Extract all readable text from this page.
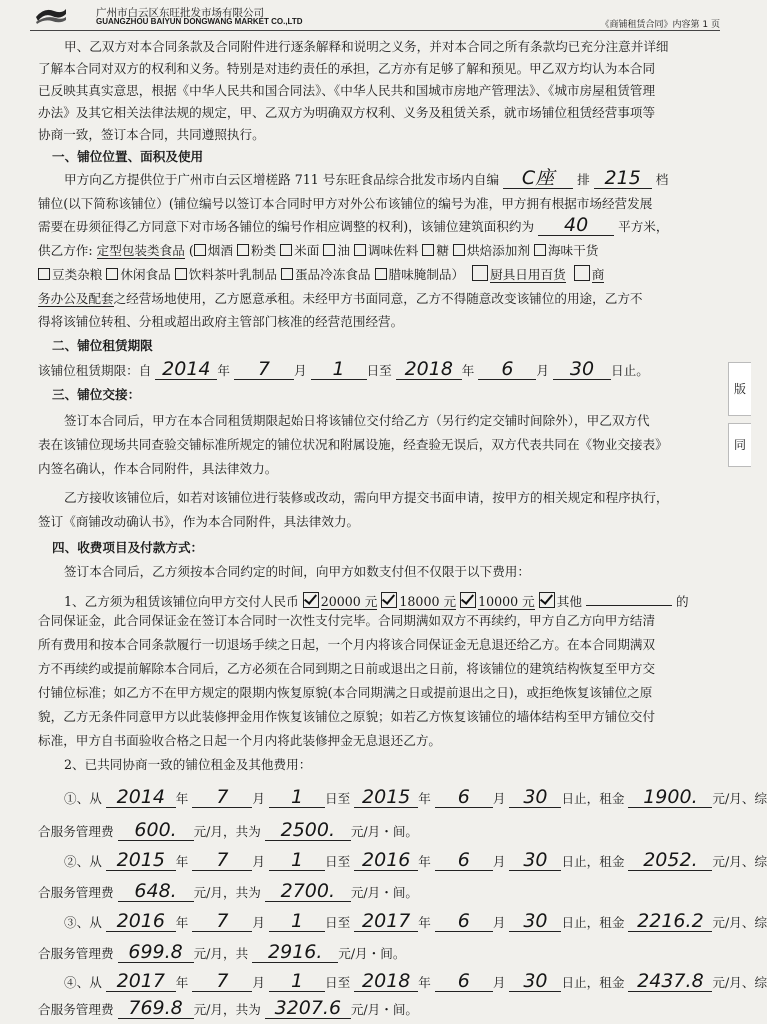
广州市白云区东旺批发市场有限公司
GUANGZHOU BAIYUN DONGWANG MARKET CO.,LTD	《商铺租赁合同》内容第 1 页
甲、乙双方对本合同条款及合同附件进行逐条解释和说明之义务，并对本合同之所有条款均已充分注意并详细
了解本合同对双方的权利和义务。特别是对违约责任的承担，乙方亦有足够了解和预见。甲乙双方均认为本合同
已反映其真实意思，根据《中华人民共和国合同法》、《中华人民共和国城市房地产管理法》、《城市房屋租赁管理
办法》及其它相关法律法规的规定，甲、乙双方为明确双方权利、义务及租赁关系，就市场铺位租赁经营事项等
协商一致，签订本合同，共同遵照执行。
一、铺位位置、面积及使用
甲方向乙方提供位于广州市白云区增槎路 711 号东旺食品综合批发市场内自编 C座 排 215 档
铺位(以下简称该铺位）(铺位编号以签订本合同时甲方对外公布该铺位的编号为准，甲方拥有根据市场经营发展
需要在毋须征得乙方同意下对市场各铺位的编号作相应调整的权利)，该铺位建筑面积约为 40 平方米，
供乙方作: 定型包装类食品 ( 烟酒 粉类 米面 油 调味佐料 糖 烘焙添加剂 海味干货
豆类杂粮 休闲食品 饮料茶叶乳制品 蛋品冷冻食品 腊味腌制品） 厨具日用百货 商
务办公及配套之经营场地使用，乙方愿意承租。未经甲方书面同意，乙方不得随意改变该铺位的用途，乙方不
得将该铺位转租、分租或超出政府主管部门核准的经营范围经营。
二、铺位租赁期限
该铺位租赁期限：自 2014 年 7 月 1 日至 2018 年 6 月 30 日止。
三、铺位交接：
签订本合同后，甲方在本合同租赁期限起始日将该铺位交付给乙方（另行约定交铺时间除外），甲乙双方代
表在该铺位现场共同查验交铺标准所规定的铺位状况和附属设施，经查验无误后，双方代表共同在《物业交接表》
内签名确认，作本合同附件，具法律效力。
乙方接收该铺位后，如若对该铺位进行装修或改动，需向甲方提交书面申请，按甲方的相关规定和程序执行，
签订《商铺改动确认书》，作为本合同附件，具法律效力。
四、收费项目及付款方式：
签订本合同后，乙方须按本合同约定的时间，向甲方如数支付但不仅限于以下费用：
1、乙方须为租赁该铺位向甲方交付人民币 20000 元 18000 元 10000 元 其他	的
合同保证金，此合同保证金在签订本合同时一次性支付完毕。合同期满如双方不再续约，甲方自乙方向甲方结清
所有费用和按本合同条款履行一切退场手续之日起，一个月内将该合同保证金无息退还给乙方。在本合同期满双
方不再续约或提前解除本合同后，乙方必须在合同到期之日前或退出之日前，将该铺位的建筑结构恢复至甲方交
付铺位标准；如乙方不在甲方规定的限期内恢复原貌(本合同期满之日或提前退出之日)，或拒绝恢复该铺位之原
貌，乙方无条件同意甲方以此装修押金用作恢复该铺位之原貌；如若乙方恢复该铺位的墙体结构至甲方铺位交付
标准，甲方自书面验收合格之日起一个月内将此装修押金无息退还乙方。
2、已共同协商一致的铺位租金及其他费用：
①、从 2014 年 7 月 1 日至 2015 年 6 月 30 日止，租金 1900. 元/月、综
合服务管理费 600. 元/月，共为 2500. 元/月・间。
②、从 2015 年 7 月 1 日至 2016 年 6 月 30 日止，租金 2052. 元/月、综
合服务管理费 648. 元/月，共为 2700. 元/月・间。
③、从 2016 年 7 月 1 日至 2017 年 6 月 30 日止，租金 2216.2 元/月、综
合服务管理费 699.8 元/月，共 2916. 元/月・间。
④、从 2017 年 7 月 1 日至 2018 年 6 月 30 日止，租金 2437.8 元/月、综
合服务管理费 769.8 元/月，共为 3207.6 元/月・间。
版
同
